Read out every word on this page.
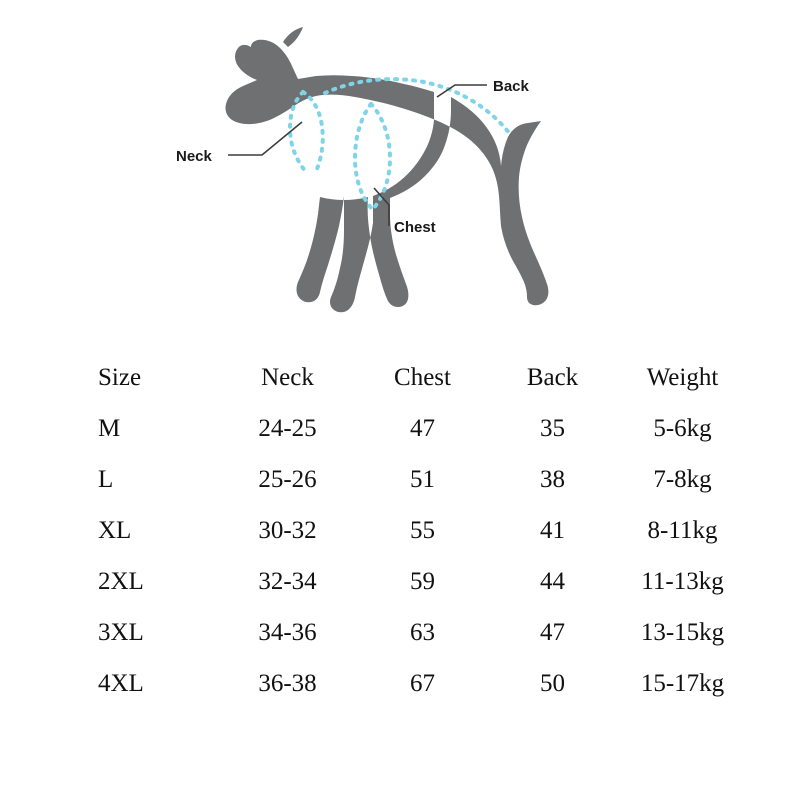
Neck
Back
Chest
Size	Neck	Chest	Back	Weight
M	24-25	47	35	5-6kg
L	25-26	51	38	7-8kg
XL	30-32	55	41	8-11kg
2XL	32-34	59	44	11-13kg
3XL	34-36	63	47	13-15kg
4XL	36-38	67	50	15-17kg
